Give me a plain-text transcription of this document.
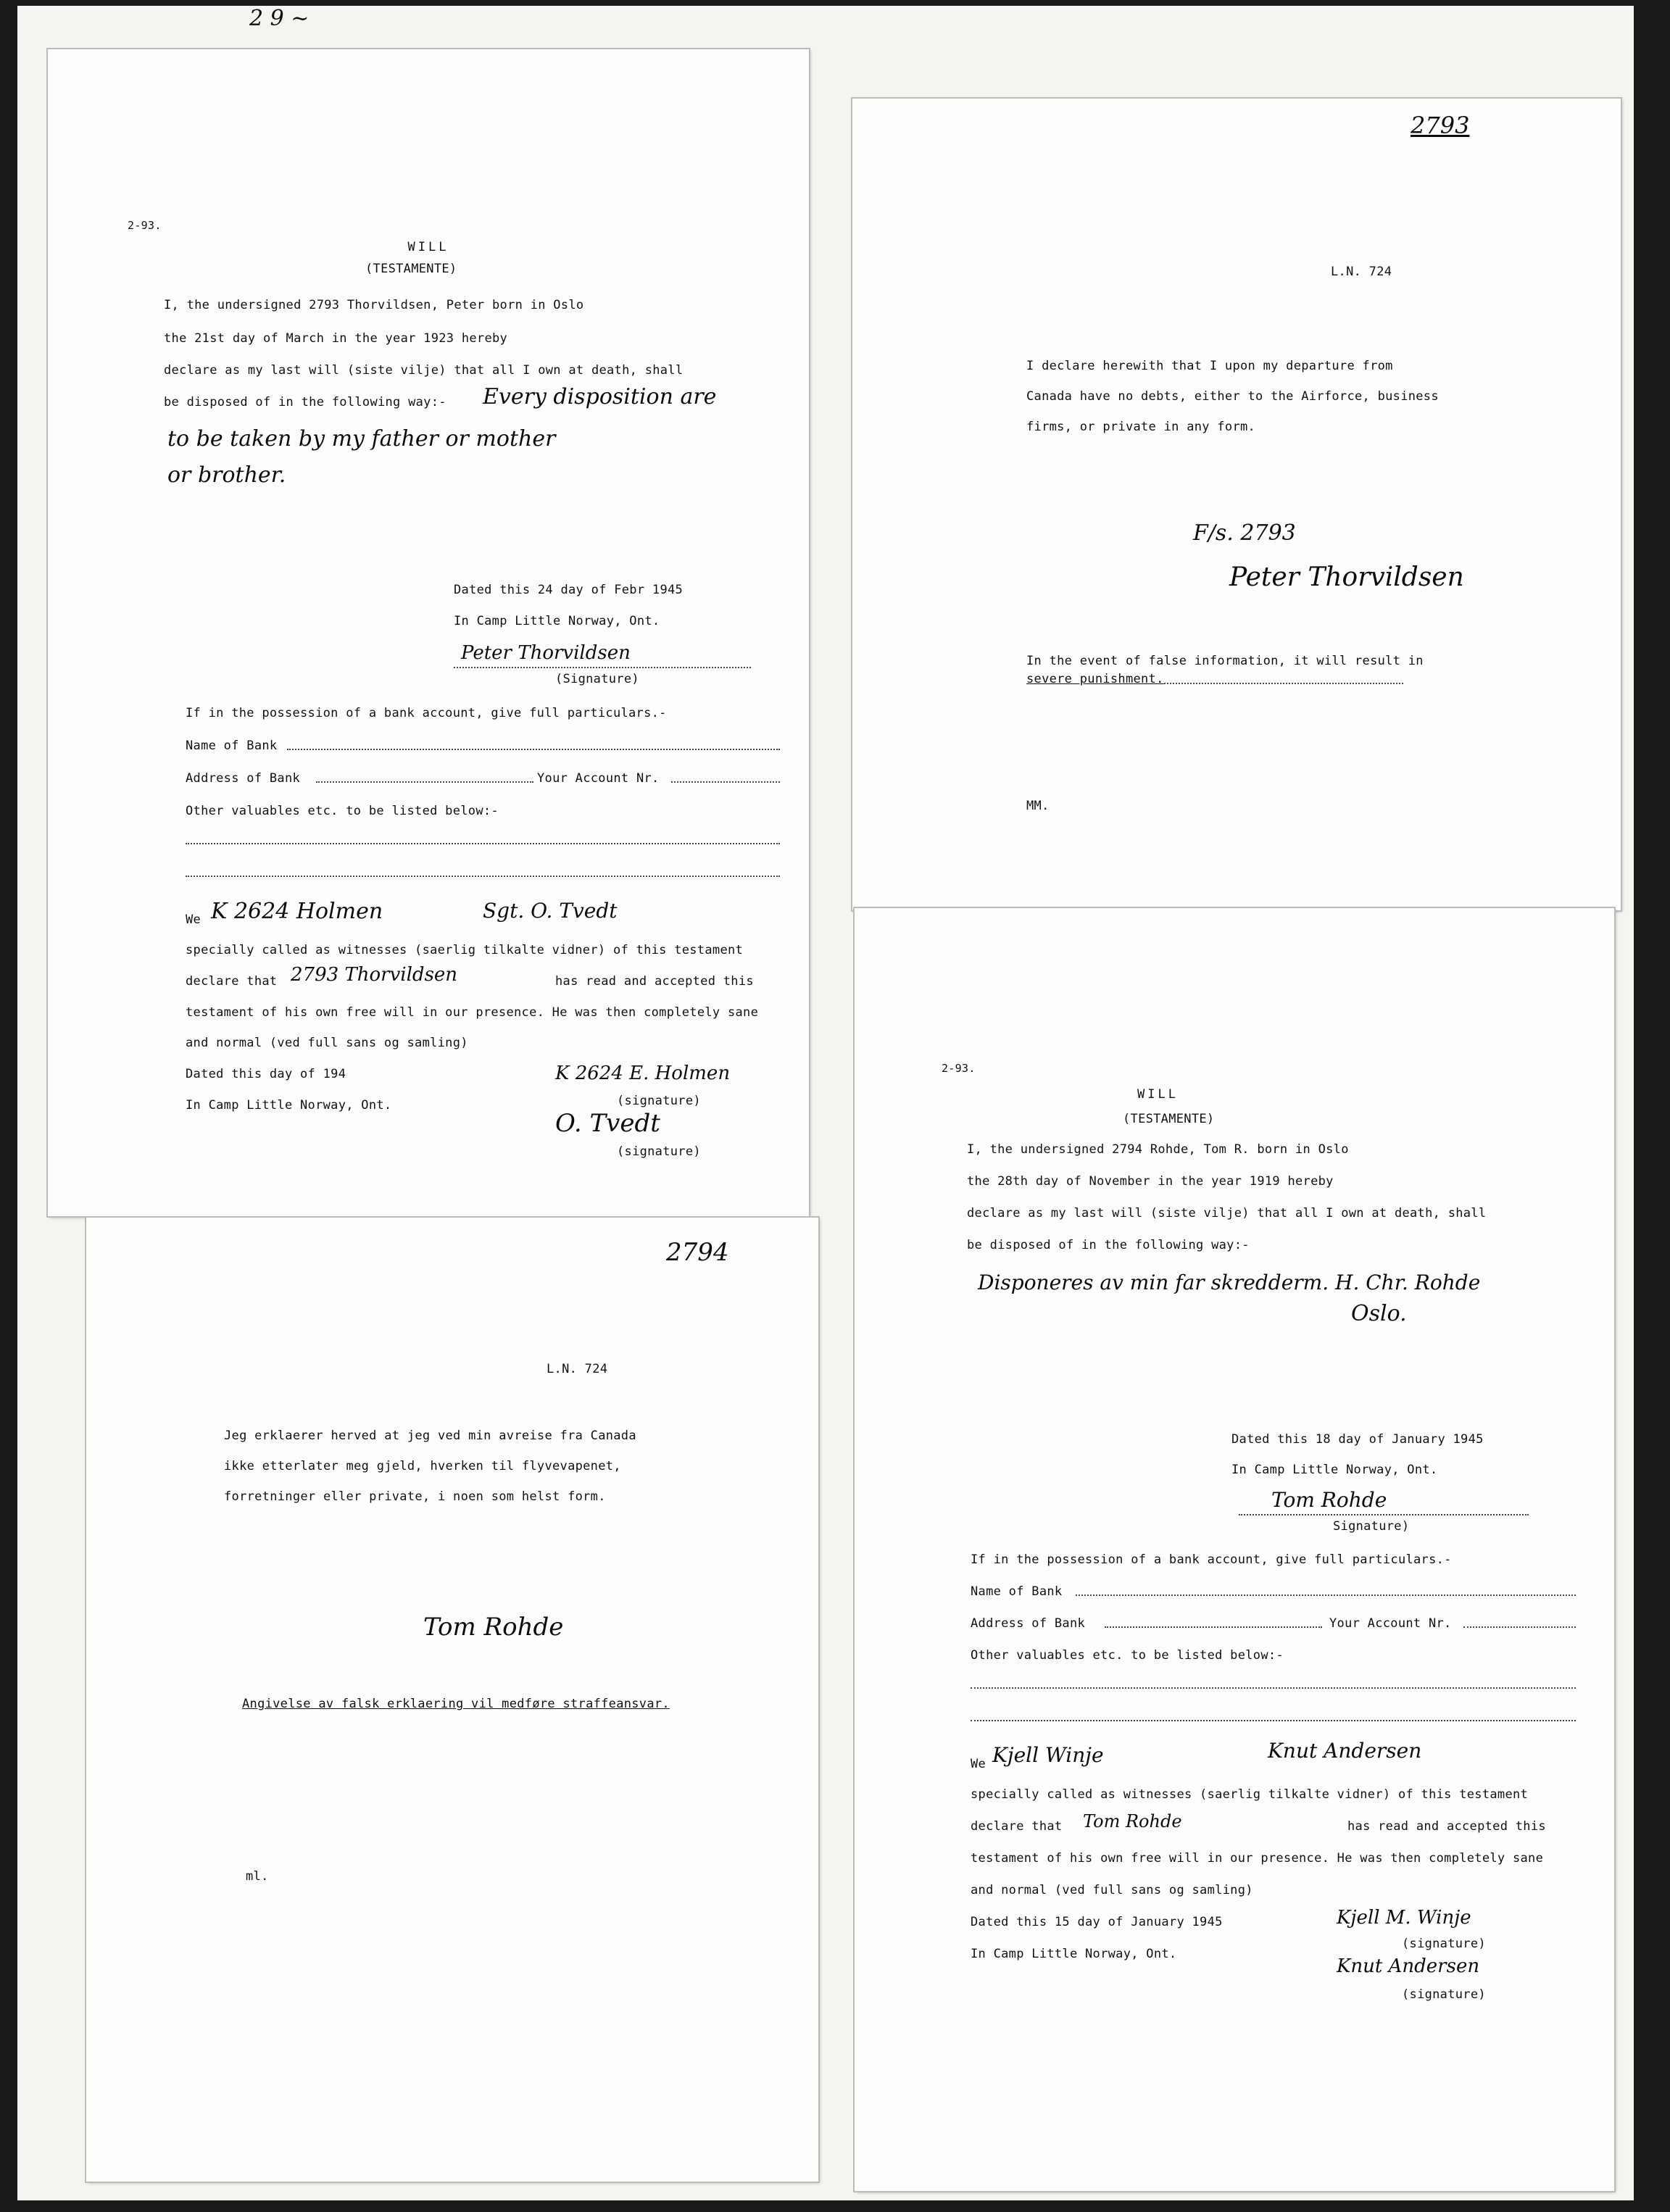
2 9 ~
2-93.
WILL
(TESTAMENTE)
I, the undersigned 2793 Thorvildsen, Peter born in Oslo
the 21st day of March in the year 1923 hereby
declare as my last will (siste vilje) that all I own at death, shall
be disposed of in the following way:- Every disposition are
to be taken by my father or mother
or brother.
Dated this 24 day of Febr 1945
In Camp Little Norway, Ont.
Peter Thorvildsen
(Signature)
If in the possession of a bank account, give full particulars.-
Name of Bank
Address of Bank	Your Account Nr.
Other valuables etc. to be listed below:-
We K 2624 Holmen	Sgt. O. Tvedt
specially called as witnesses (saerlig tilkalte vidner) of this testament
declare that 2793 Thorvildsen	has read and accepted this
testament of his own free will in our presence. He was then completely sane
and normal (ved full sans og samling)
Dated this day of 194
In Camp Little Norway, Ont.
K 2624 E. Holmen
(signature)
O. Tvedt
(signature)
2793
L.N. 724
I declare herewith that I upon my departure from
Canada have no debts, either to the Airforce, business
firms, or private in any form.
F/s. 2793
Peter Thorvildsen
In the event of false information, it will result in
severe punishment.
MM.
2794
L.N. 724
Jeg erklaerer herved at jeg ved min avreise fra Canada
ikke etterlater meg gjeld, hverken til flyvevapenet,
forretninger eller private, i noen som helst form.
Tom Rohde
Angivelse av falsk erklaering vil medføre straffeansvar.
ml.
2-93.
WILL
(TESTAMENTE)
I, the undersigned 2794 Rohde, Tom R. born in Oslo
the 28th day of November in the year 1919 hereby
declare as my last will (siste vilje) that all I own at death, shall
be disposed of in the following way:-
Disponeres av min far skredderm. H. Chr. Rohde
Oslo.
Dated this 18 day of January 1945
In Camp Little Norway, Ont.
Tom Rohde
Signature)
If in the possession of a bank account, give full particulars.-
Name of Bank
Address of Bank	Your Account Nr.
Other valuables etc. to be listed below:-
We Kjell Winje	Knut Andersen
specially called as witnesses (saerlig tilkalte vidner) of this testament
declare that Tom Rohde	has read and accepted this
testament of his own free will in our presence. He was then completely sane
and normal (ved full sans og samling)
Dated this 15 day of January 1945
In Camp Little Norway, Ont.
Kjell M. Winje
(signature)
Knut Andersen
(signature)
